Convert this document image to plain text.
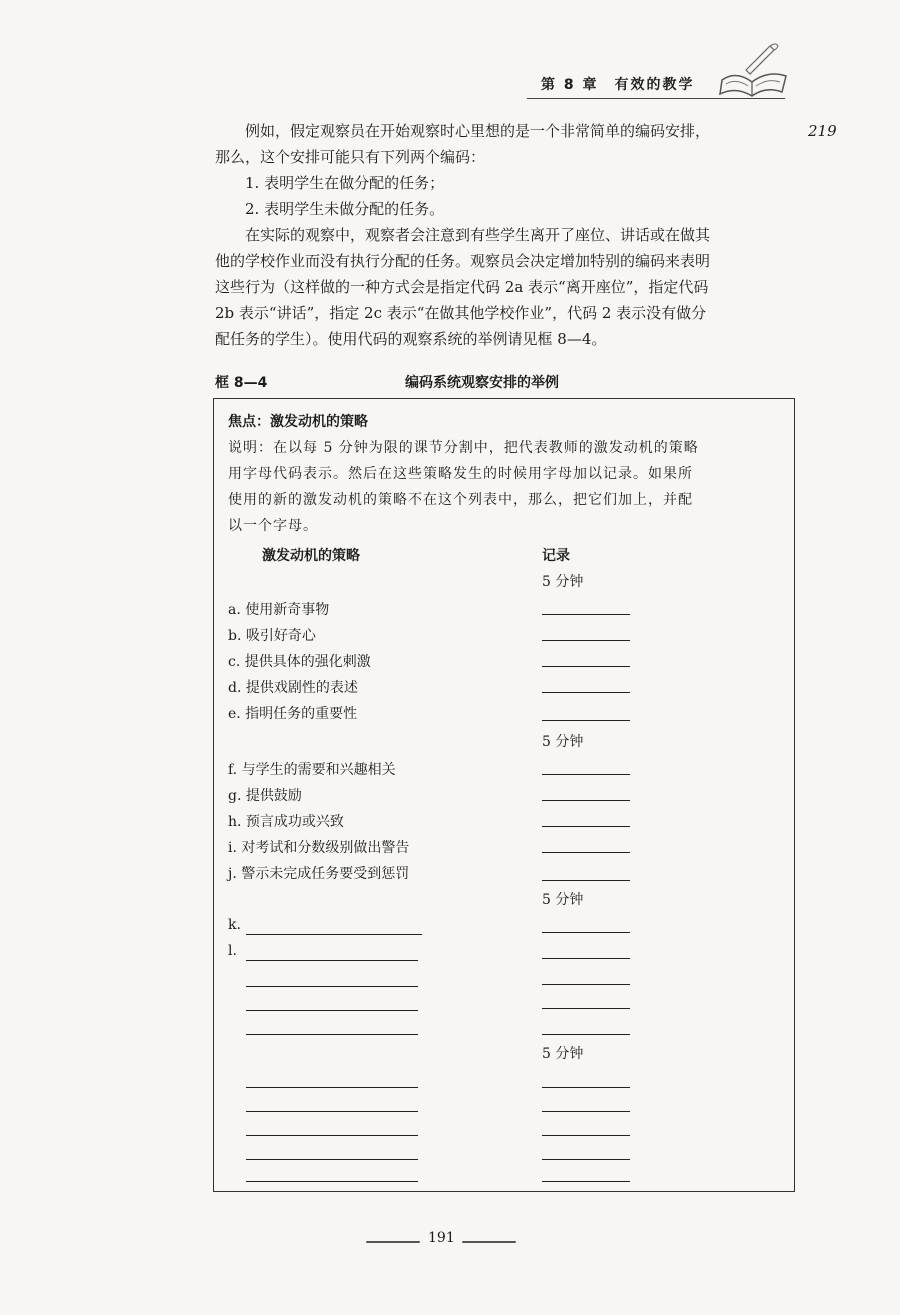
第 8 章　有效的教学
219
例如，假定观察员在开始观察时心里想的是一个非常简单的编码安排，
那么，这个安排可能只有下列两个编码：
1. 表明学生在做分配的任务；
2. 表明学生未做分配的任务。
在实际的观察中，观察者会注意到有些学生离开了座位、讲话或在做其
他的学校作业而没有执行分配的任务。观察员会决定增加特别的编码来表明
这些行为（这样做的一种方式会是指定代码 2a 表示“离开座位”，指定代码
2b 表示“讲话”，指定 2c 表示“在做其他学校作业”，代码 2 表示没有做分
配任务的学生）。使用代码的观察系统的举例请见框 8—4。
框 8—4	编码系统观察安排的举例
焦点：激发动机的策略
说明：在以每 5 分钟为限的课节分割中，把代表教师的激发动机的策略
用字母代码表示。然后在这些策略发生的时候用字母加以记录。如果所
使用的新的激发动机的策略不在这个列表中，那么，把它们加上，并配
以一个字母。
激发动机的策略	记录
5 分钟
a. 使用新奇事物
b. 吸引好奇心
c. 提供具体的强化刺激
d. 提供戏剧性的表述
e. 指明任务的重要性
5 分钟
f. 与学生的需要和兴趣相关
g. 提供鼓励
h. 预言成功或兴致
i. 对考试和分数级别做出警告
j. 警示未完成任务要受到惩罚
5 分钟
k.
l.
5 分钟
191
